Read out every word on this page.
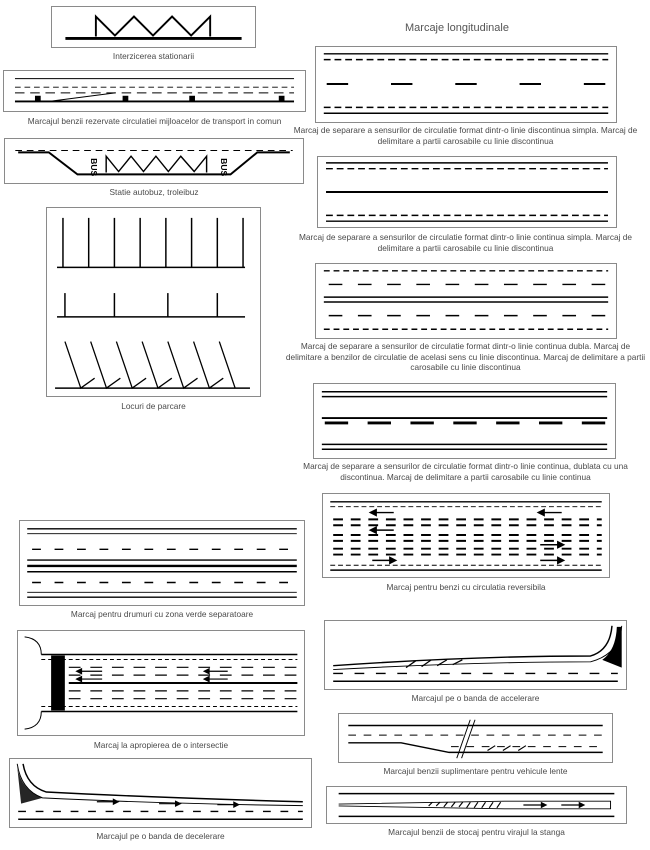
Marcaje longitudinale
Interzicerea stationarii
Marcajul benzii rezervate circulatiei mijloacelor de transport in comun
BUS	BUS
Statie autobuz, troleibuz
Locuri de parcare
Marcaj de separare a sensurilor de circulatie format dintr-o linie discontinua simpla. Marcaj de delimitare a partii carosabile cu linie discontinua
Marcaj de separare a sensurilor de circulatie format dintr-o linie continua simpla. Marcaj de delimitare a partii carosabile cu linie discontinua
Marcaj de separare a sensurilor de circulatie format dintr-o linie continua dubla. Marcaj de delimitare a benzilor de circulatie de acelasi sens cu linie discontinua. Marcaj de delimitare a partii carosabile cu linie discontinua
Marcaj de separare a sensurilor de circulatie format dintr-o linie continua, dublata cu una discontinua. Marcaj de delimitare a partii carosabile cu linie continua
Marcaj pentru benzi cu circulatia reversibila
Marcaj pentru drumuri cu zona verde separatoare
Marcaj la apropierea de o intersectie
Marcajul pe o banda de accelerare
Marcajul benzii suplimentare pentru vehicule lente
Marcajul pe o banda de decelerare	Marcajul benzii de stocaj pentru virajul la stanga
